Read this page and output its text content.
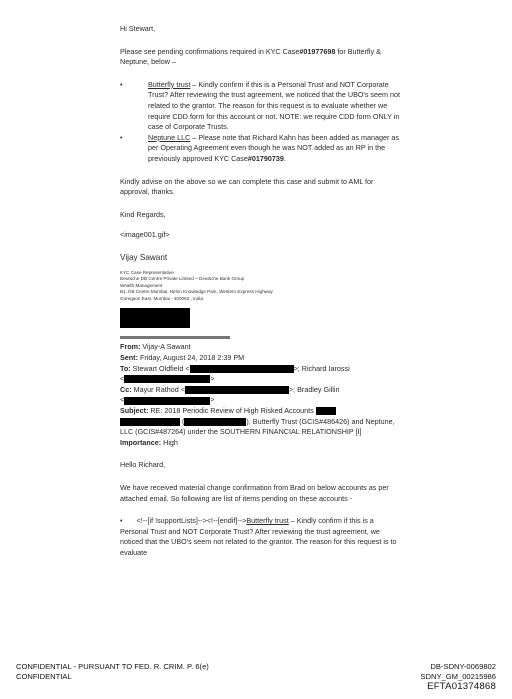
Hi Stewart,

Please see pending confirmations required in KYC Case#01977698 for Butterfly & Neptune, below –

•	Butterfly trust – Kindly confirm if this is a Personal Trust and NOT Corporate Trust? After reviewing the trust agreement, we noticed that the UBO's seem not related to the grantor. The reason for this request is to evaluate whether we require CDD form for this account or not. NOTE: we require CDD form ONLY in case of Corporate Trusts.

•	Neptune LLC – Please note that Richard Kahn has been added as manager as per Operating Agreement even though he was NOT added as an RP in the previously approved KYC Case#01790739.

Kindly advise on the above so we can complete this case and submit to AML for approval, thanks.

Kind Regards,

<image001.gif>

Vijay Sawant

KYC Case Representative
Deutsche DB Centre Private Limited ~ Deutsche Bank Group
Wealth Management
B1, DB Centre Mumbai, Nirlon Knowledge Park, Western Express Highway
Goregaon East, Mumbai - 400063 , India

From: Vijay-A Sawant

Sent: Friday, August 24, 2018 2:39 PM

To: Stewart Oldfield <	>; Richard Iarossi

<	>

Cc: Mayur Rathod <	>; Bradley Gillin

<	>

Subject: RE: 2018 Periodic Review of High Risked Accounts
(	), Butterfly Trust (GCIS#486426) and Neptune, LLC (GCIS#487264) under the SOUTHERN FINANCIAL RELATIONSHIP [I]

Importance: High

Hello Richard,

We have received material change confirmation from Brad on below accounts as per attached email. So following are list of items pending on these accounts -

• <!--[if !supportLists]--><!--[endif]-->Butterfly trust – Kindly confirm if this is a Personal Trust and NOT Corporate Trust? After reviewing the trust agreement, we noticed that the UBO's seem not related to the grantor. The reason for this request is to evaluate

CONFIDENTIAL - PURSUANT TO FED. R. CRIM. P. 6(e)
CONFIDENTIAL
DB-SDNY-0069802
SDNY_GM_00215986
EFTA01374868
